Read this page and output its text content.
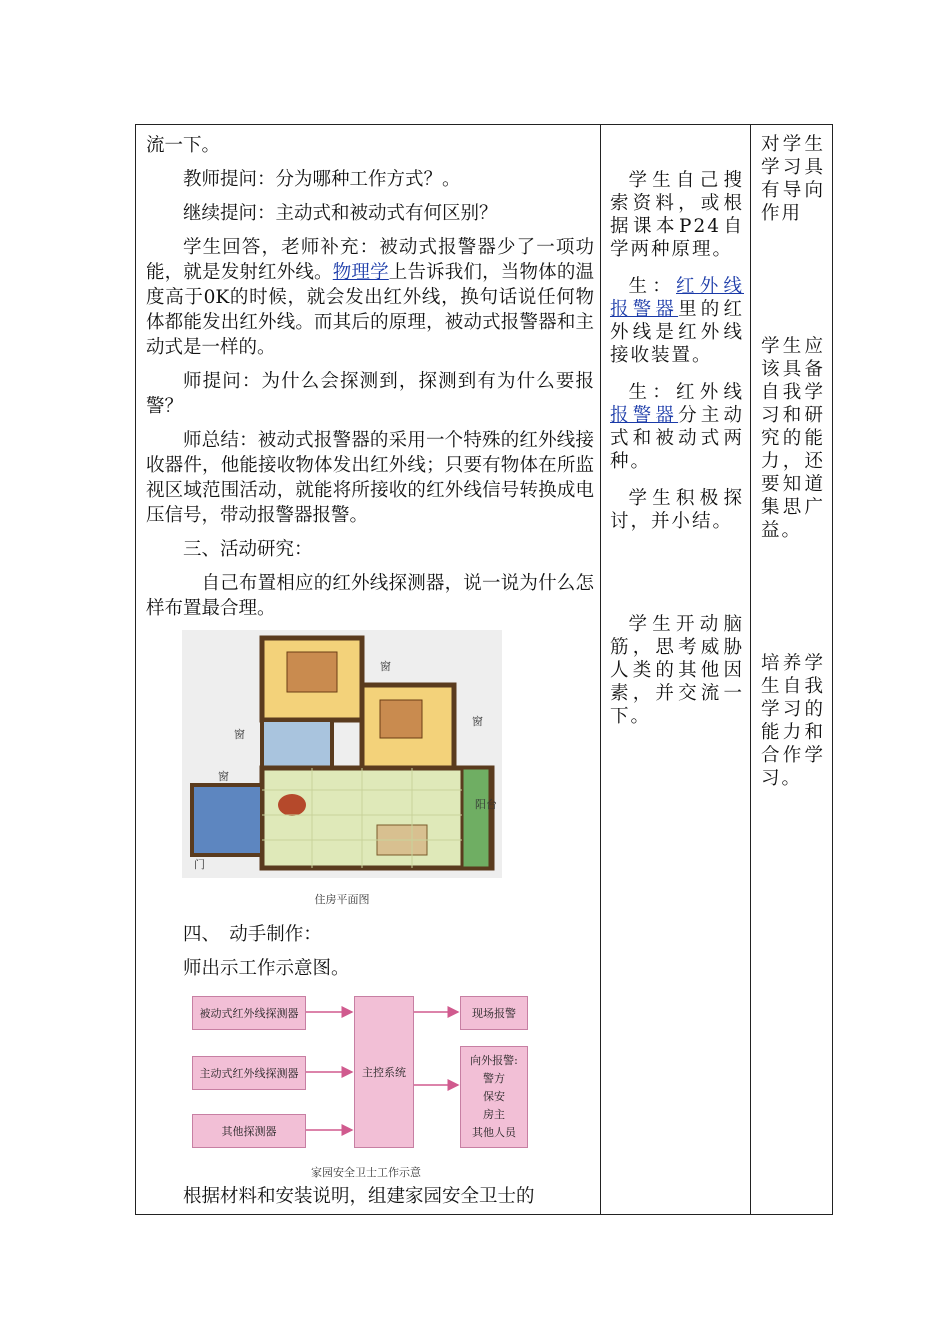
流一下。

教师提问：分为哪种工作方式？。

继续提问：主动式和被动式有何区别？

学生回答，老师补充：被动式报警器少了一项功能，就是发射红外线。物理学上告诉我们，当物体的温度高于0K的时候，就会发出红外线，换句话说任何物体都能发出红外线。而其后的原理，被动式报警器和主动式是一样的。

师提问：为什么会探测到，探测到有为什么要报警？

师总结：被动式报警器的采用一个特殊的红外线接收器件，他能接收物体发出红外线；只要有物体在所监视区域范围活动，就能将所接收的红外线信号转换成电压信号，带动报警器报警。

三、活动研究：

自己布置相应的红外线探测器，说一说为什么怎样布置最合理。

窗
窗
窗
窗
阳台
门
住房平面图

四、　动手制作：

师出示工作示意图。

被动式红外线探测器
主动式红外线探测器
其他探测器
主控系统
现场报警
向外报警:
警方
保安
房主
其他人员
家园安全卫士工作示意

根据材料和安装说明，组建家园安全卫士的

学生自己搜索资料，或根据课本P24自学两种原理。

生：红外线报警器里的红外线是红外线接收装置。

生：红外线报警器分主动式和被动式两种。

学生积极探讨，并小结。

学生开动脑筋，思考威胁人类的其他因素，并交流一下。

对学生学习具有导向作用

学生应该具备自我学习和研究的能力，还要知道集思广益。

培养学生自我学习的能力和合作学习。
